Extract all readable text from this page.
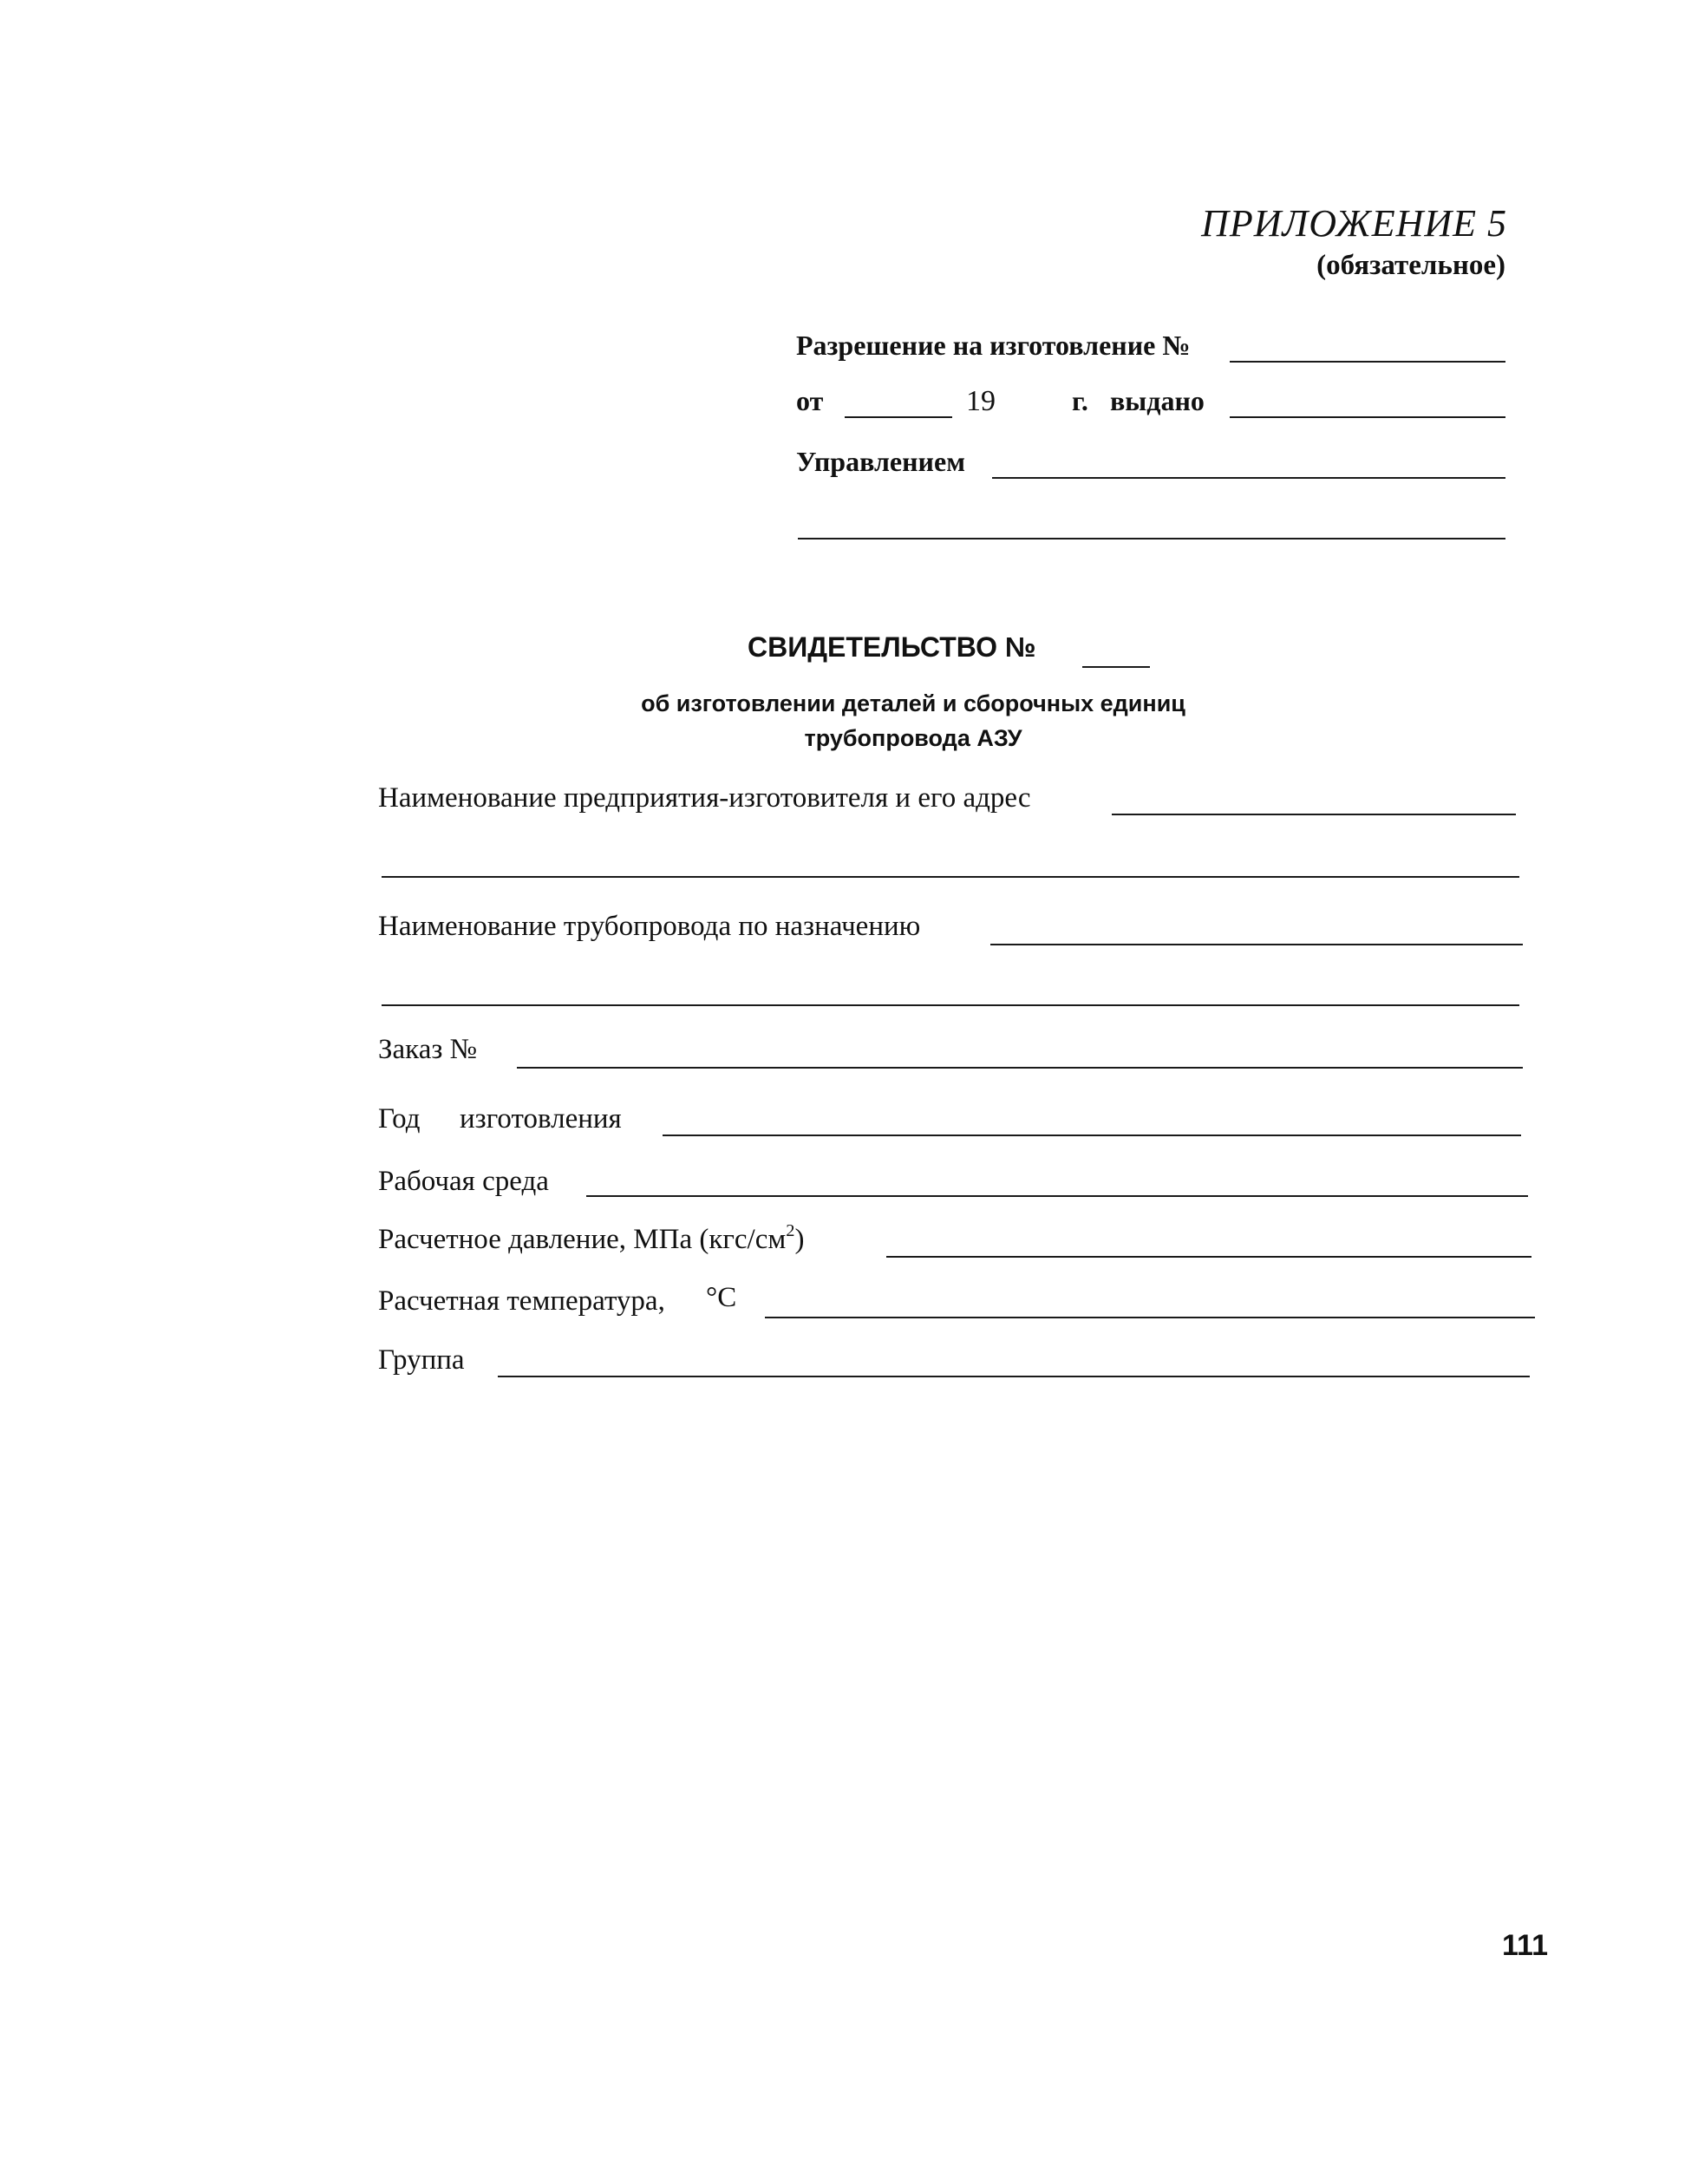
ПРИЛОЖЕНИЕ 5
(обязательное)
Разрешение на изготовление №
от	19	г. выдано
Управлением
СВИДЕТЕЛЬСТВО №
об изготовлении деталей и сборочных единиц
трубопровода АЗУ
Наименование предприятия-изготовителя и его адрес
Наименование трубопровода по назначению
Заказ №
Год изготовления
Рабочая среда
Расчетное давление, МПа $(кгс/см^2)$
Расчетная температура, °С
Группа
111
